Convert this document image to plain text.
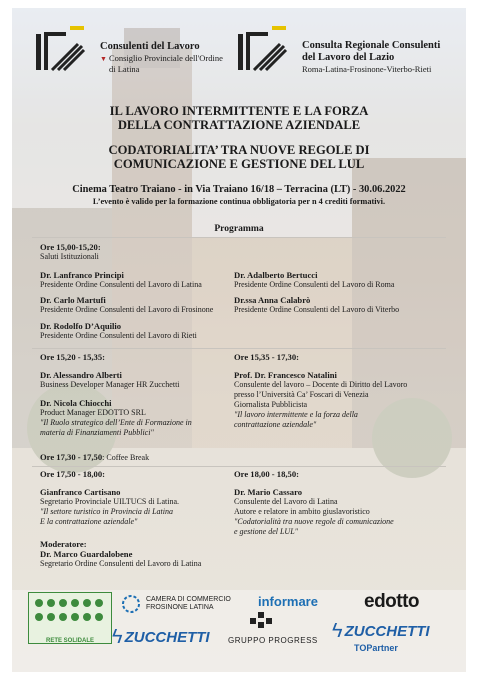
Consulenti del Lavoro
▼ Consiglio Provinciale dell'Ordine
di Latina
Consulta Regionale Consulenti
del Lavoro del Lazio
Roma-Latina-Frosinone-Viterbo-Rieti
IL LAVORO INTERMITTENTE E LA FORZA
DELLA CONTRATTAZIONE AZIENDALE
CODATORIALITA’ TRA NUOVE REGOLE DI
COMUNICAZIONE E GESTIONE DEL LUL
Cinema Teatro Traiano - in Via Traiano 16/18 – Terracina (LT) - 30.06.2022
L’evento è valido per la formazione continua obbligatoria per n 4 crediti formativi.
Programma
Ore 15,00-15,20:
Saluti Istituzionali
Dr. Lanfranco Principi
Presidente Ordine Consulenti del Lavoro di Latina
Dr. Carlo Martufi
Presidente Ordine Consulenti del Lavoro di Frosinone
Dr. Rodolfo D’Aquilio
Presidente Ordine Consulenti del Lavoro di Rieti
Dr. Adalberto Bertucci
Presidente Ordine Consulenti del Lavoro di Roma
Dr.ssa Anna Calabrò
Presidente Ordine Consulenti del Lavoro di Viterbo
Ore 15,20 - 15,35:
Dr. Alessandro Alberti
Business Developer Manager HR Zucchetti
Dr. Nicola Chiocchi
Product Manager EDOTTO SRL
"Il Ruolo strategico dell’Ente di Formazione in
materia di Finanziamenti Pubblici"
Ore 15,35 - 17,30:
Prof. Dr. Francesco Natalini
Consulente del lavoro – Docente di Diritto del Lavoro
presso l’Università Ca’ Foscari di Venezia
Giornalista Pubblicista
"Il lavoro intermittente e la forza della
contrattazione aziendale"
Ore 17,30 - 17,50: Coffee Break
Ore 17,50 - 18,00:
Gianfranco Cartisano
Segretario Provinciale UILTUCS di Latina.
"Il settore turistico in Provincia di Latina
E la contrattazione aziendale"
Ore 18,00 - 18,50:
Dr. Mario Cassaro
Consulente del Lavoro di Latina
Autore e relatore in ambito giuslavoristico
"Codatorialità tra nuove regole di comunicazione
e gestione del LUL"
Moderatore:
Dr. Marco Guardalobene
Segretario Ordine Consulenti del Lavoro di Latina
RETE SOLIDALE
CAMERA DI COMMERCIO
FROSINONE LATINA	informare edotto
ϟ ZUCCHETTI GRUPPO PROGRESS ϟ ZUCCHETTI
TOPartner
